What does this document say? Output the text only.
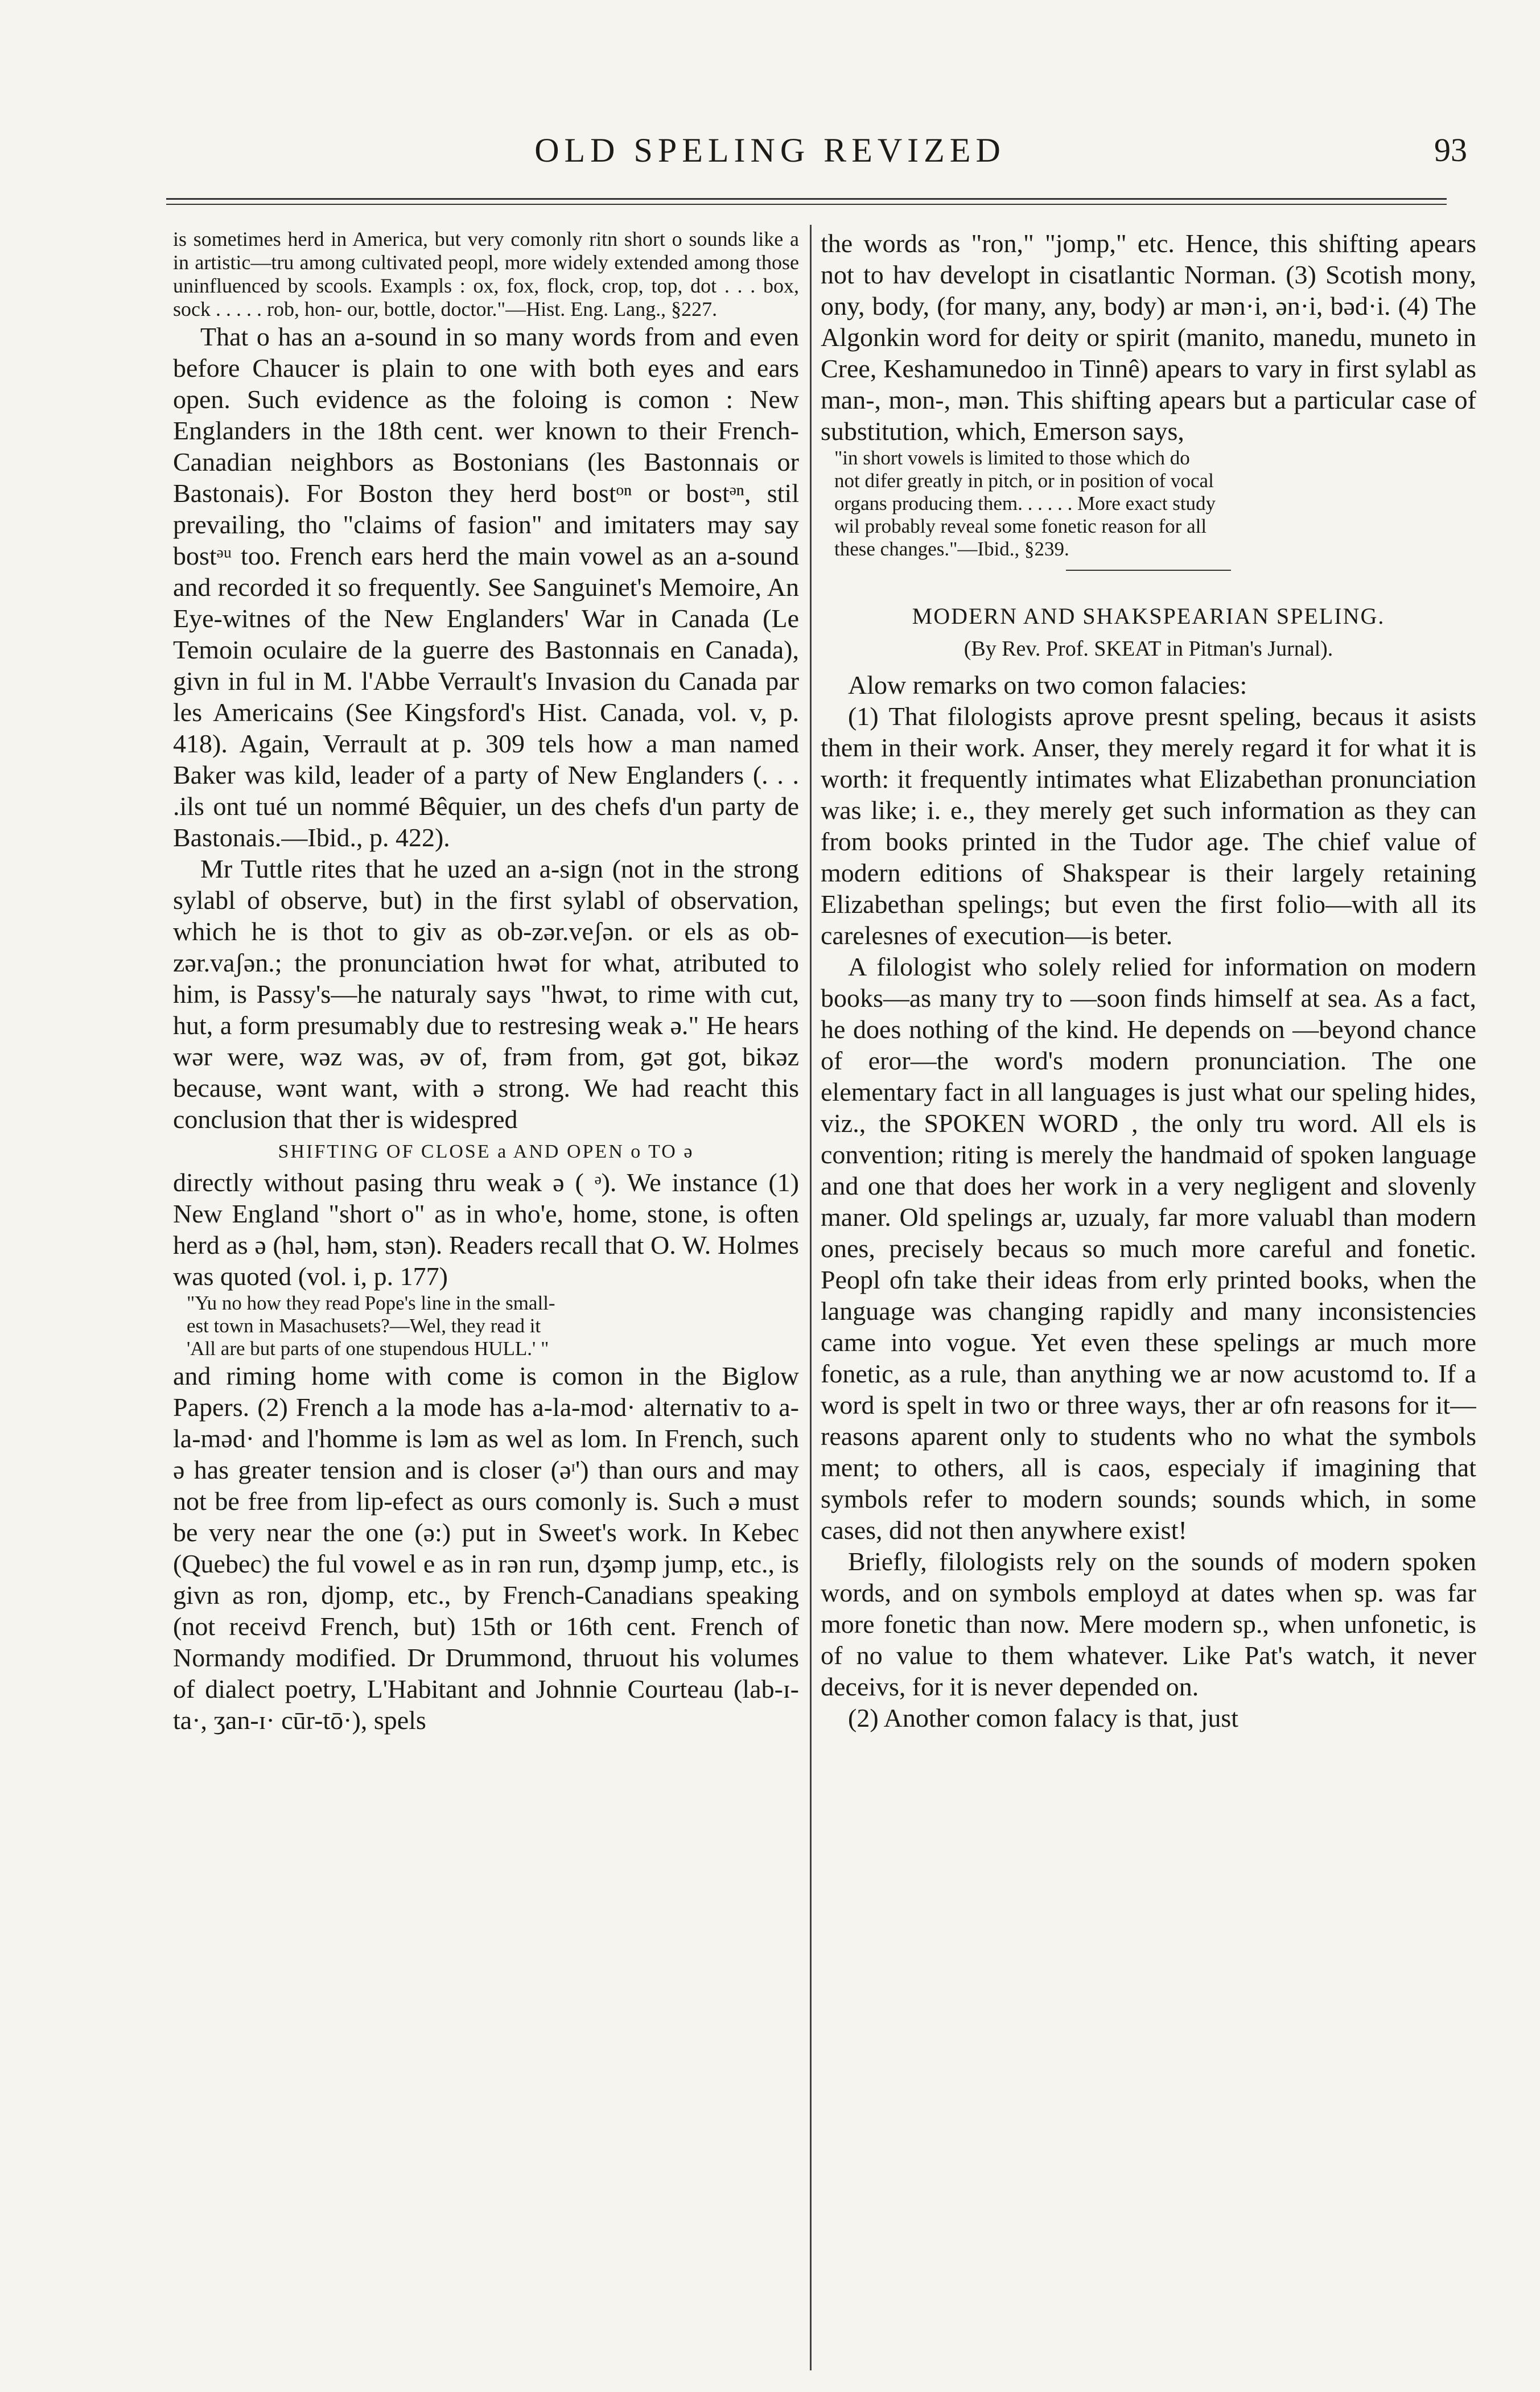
OLD SPELING REVIZED	93

is sometimes herd in America, but very comonly ritn short o sounds like a in artistic—tru among cultivated peopl, more widely extended among those uninfluenced by scools. Exampls : ox, fox, flock, crop, top, dot . . . box, sock . . . . . rob, hon- our, bottle, doctor."—Hist. Eng. Lang., §227.

That o has an a-sound in so many words from and even before Chaucer is plain to one with both eyes and ears open. Such evidence as the foloing is comon : New Englanders in the 18th cent. wer known to their French-Canadian neighbors as Bostonians (les Bastonnais or Bastonais). For Boston they herd bostᵒⁿ or bostᵊⁿ, stil prevailing, tho "claims of fasion" and imitaters may say bostᵊᵘ too. French ears herd the main vowel as an a-sound and recorded it so frequently. See Sanguinet's Memoire, An Eye-witnes of the New Englanders' War in Canada (Le Temoin oculaire de la guerre des Bastonnais en Canada), givn in ful in M. l'Abbe Verrault's Invasion du Canada par les Americains (See Kingsford's Hist. Canada, vol. v, p. 418). Again, Verrault at p. 309 tels how a man named Baker was kild, leader of a party of New Englanders (. . . .ils ont tué un nommé Bêquier, un des chefs d'un party de Bastonais.—Ibid., p. 422).

Mr Tuttle rites that he uzed an a-sign (not in the strong sylabl of observe, but) in the first sylabl of observation, which he is thot to giv as ob-zər.veʃən. or els as ob-zər.vaʃən.; the pronunciation hwət for what, atributed to him, is Passy's—he naturaly says "hwət, to rime with cut, hut, a form presumably due to restresing weak ə." He hears wər were, wəz was, əv of, frəm from, gət got, bikəz because, wənt want, with ə strong. We had reacht this conclusion that ther is widespred

SHIFTING OF CLOSE a AND OPEN o TO ə

directly without pasing thru weak ə ( ᵊ). We instance (1) New England "short o" as in who'e, home, stone, is often herd as ə (həl, həm, stən). Readers recall that O. W. Holmes was quoted (vol. i, p. 177)

"Yu no how they read Pope's line in the small-
est town in Masachusets?—Wel, they read it
'All are but parts of one stupendous HULL.' "

and riming home with come is comon in the Biglow Papers. (2) French a la mode has a-la-mod· alternativ to a-la-məd· and l'homme is ləm as wel as lom. In French, such ə has greater tension and is closer (əᶦ') than ours and may not be free from lip-efect as ours comonly is. Such ə must be very near the one (ə:) put in Sweet's work. In Kebec (Quebec) the ful vowel e as in rən run, dʒəmp jump, etc., is givn as ron, djomp, etc., by French-Canadians speaking (not receivd French, but) 15th or 16th cent. French of Normandy modified. Dr Drummond, thruout his volumes of dialect poetry, L'Habitant and Johnnie Courteau (lab-ɪ-ta·, ʒan-ɪ· cūr-tō·), spels

the words as "ron," "jomp," etc. Hence, this shifting apears not to hav developt in cisatlantic Norman. (3) Scotish mony, ony, body, (for many, any, body) ar mən·i, ən·i, bəd·i. (4) The Algonkin word for deity or spirit (manito, manedu, muneto in Cree, Keshamunedoo in Tinnê) apears to vary in first sylabl as man-, mon-, mən. This shifting apears but a particular case of substitution, which, Emerson says,

"in short vowels is limited to those which do
not difer greatly in pitch, or in position of vocal
organs producing them. . . . . . More exact study
wil probably reveal some fonetic reason for all
these changes."—Ibid., §239.
MODERN AND SHAKSPEARIAN SPELING.
(By Rev. Prof. SKEAT in Pitman's Jurnal).

Alow remarks on two comon falacies:

(1) That filologists aprove presnt speling, becaus it asists them in their work. Anser, they merely regard it for what it is worth: it frequently intimates what Elizabethan pronunciation was like; i. e., they merely get such information as they can from books printed in the Tudor age. The chief value of modern editions of Shakspear is their largely retaining Elizabethan spelings; but even the first folio—with all its carelesnes of execution—is beter.

A filologist who solely relied for information on modern books—as many try to —soon finds himself at sea. As a fact, he does nothing of the kind. He depends on —beyond chance of eror—the word's modern pronunciation. The one elementary fact in all languages is just what our speling hides, viz., the SPOKEN WORD , the only tru word. All els is convention; riting is merely the handmaid of spoken language and one that does her work in a very negligent and slovenly maner. Old spelings ar, uzualy, far more valuabl than modern ones, precisely becaus so much more careful and fonetic. Peopl ofn take their ideas from erly printed books, when the language was changing rapidly and many inconsistencies came into vogue. Yet even these spelings ar much more fonetic, as a rule, than anything we ar now acustomd to. If a word is spelt in two or three ways, ther ar ofn reasons for it—reasons aparent only to students who no what the symbols ment; to others, all is caos, especialy if imagining that symbols refer to modern sounds; sounds which, in some cases, did not then anywhere exist!

Briefly, filologists rely on the sounds of modern spoken words, and on symbols employd at dates when sp. was far more fonetic than now. Mere modern sp., when unfonetic, is of no value to them whatever. Like Pat's watch, it never deceivs, for it is never depended on.

(2) Another comon falacy is that, just
